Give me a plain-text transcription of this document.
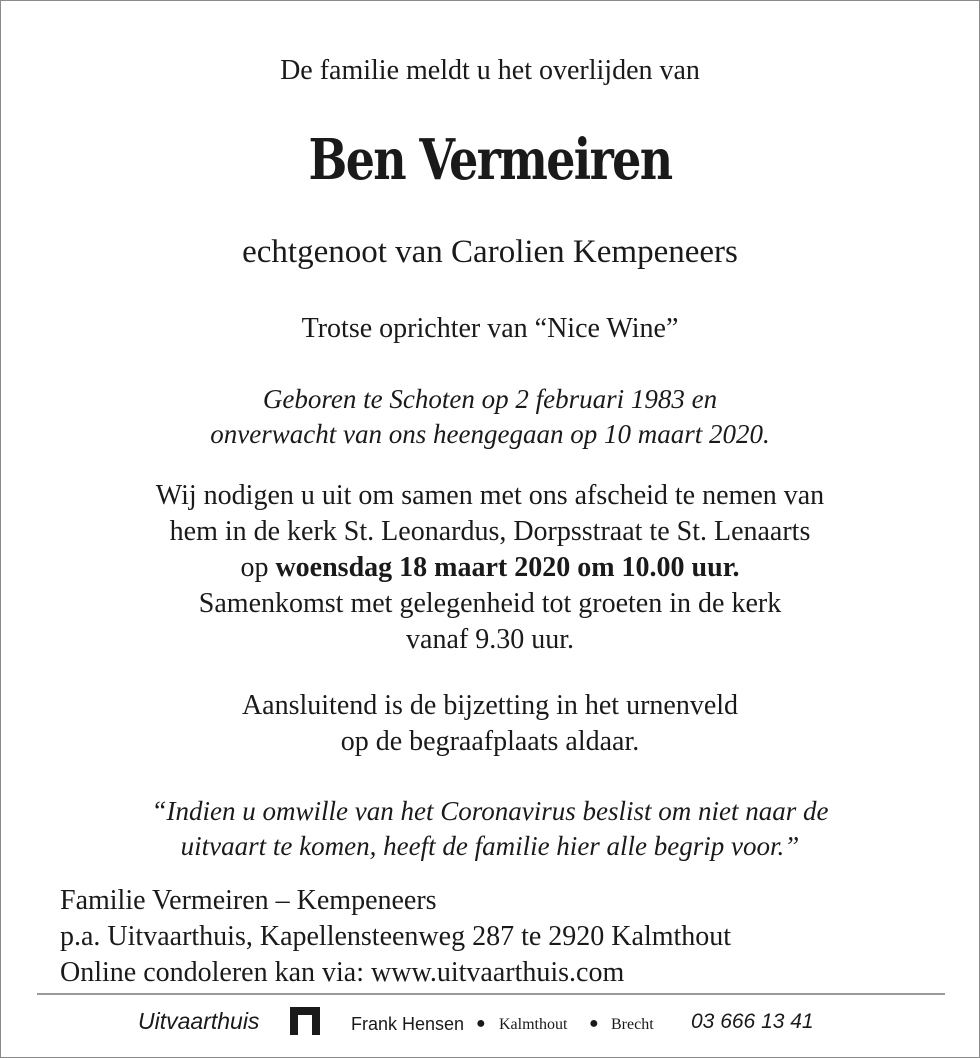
De familie meldt u het overlijden van

Ben Vermeiren

echtgenoot van Carolien Kempeneers

Trotse oprichter van “Nice Wine”

Geboren te Schoten op 2 februari 1983 en
onverwacht van ons heengegaan op 10 maart 2020.
Wij nodigen u uit om samen met ons afscheid te nemen van
hem in de kerk St. Leonardus, Dorpsstraat te St. Lenaarts
op woensdag 18 maart 2020 om 10.00 uur.
Samenkomst met gelegenheid tot groeten in de kerk
vanaf 9.30 uur.
Aansluitend is de bijzetting in het urnenveld
op de begraafplaats aldaar.
“Indien u omwille van het Coronavirus beslist om niet naar de
uitvaart te komen, heeft de familie hier alle begrip voor.”
Familie Vermeiren – Kempeneers
p.a. Uitvaarthuis, Kapellensteenweg 287 te 2920 Kalmthout
Online condoleren kan via: www.uitvaarthuis.com
Uitvaarthuis	Frank Hensen ● Kalmthout ● Brecht 03 666 13 41
